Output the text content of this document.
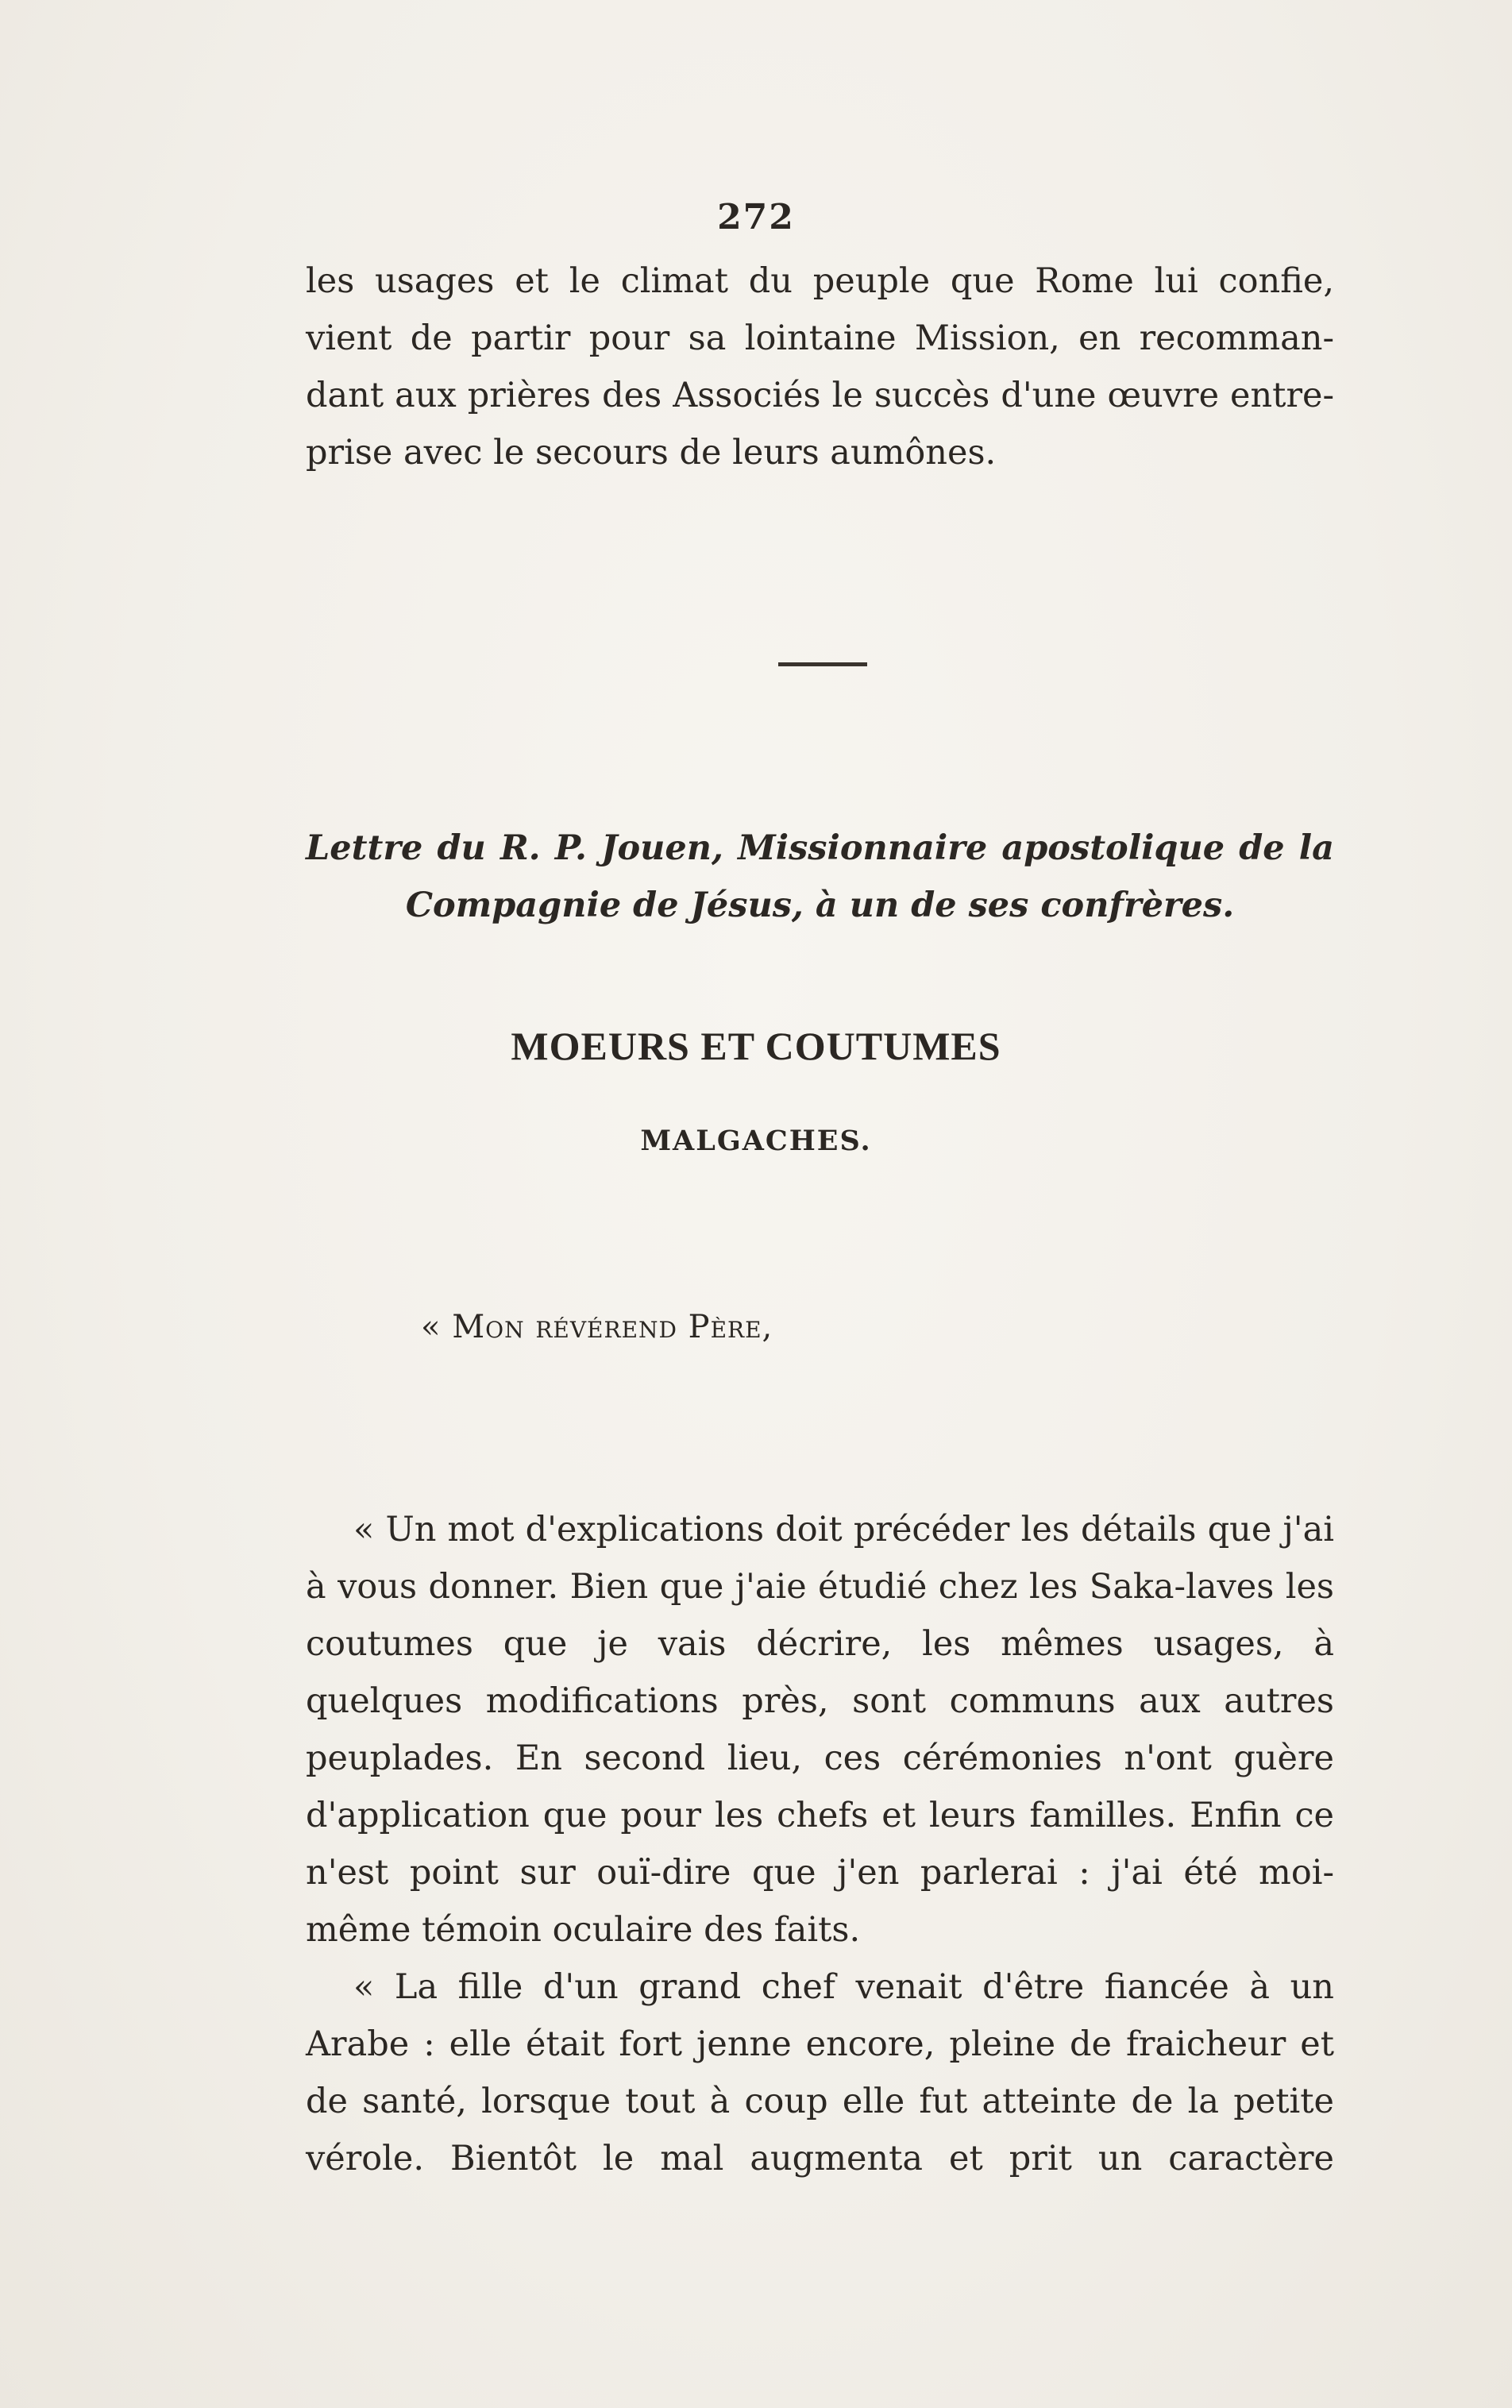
272

les usages et le climat du peuple que Rome lui confie, vient de partir pour sa lointaine Mission, en recomman-dant aux prières des Associés le succès d'une œuvre entre-prise avec le secours de leurs aumônes.

Lettre du R. P. Jouen, Missionnaire apostolique de la
Compagnie de Jésus, à un de ses confrères.
MOEURS ET COUTUMES
MALGACHES.
« Mon révérend Père,

« Un mot d'explications doit précéder les détails que j'ai à vous donner. Bien que j'aie étudié chez les Saka-laves les coutumes que je vais décrire, les mêmes usages, à quelques modifications près, sont communs aux autres peuplades. En second lieu, ces cérémonies n'ont guère d'application que pour les chefs et leurs familles. Enfin ce n'est point sur ouï-dire que j'en parlerai : j'ai été moi-même témoin oculaire des faits.

« La fille d'un grand chef venait d'être fiancée à un Arabe : elle était fort jenne encore, pleine de fraicheur et de santé, lorsque tout à coup elle fut atteinte de la petite vérole. Bientôt le mal augmenta et prit un caractère
